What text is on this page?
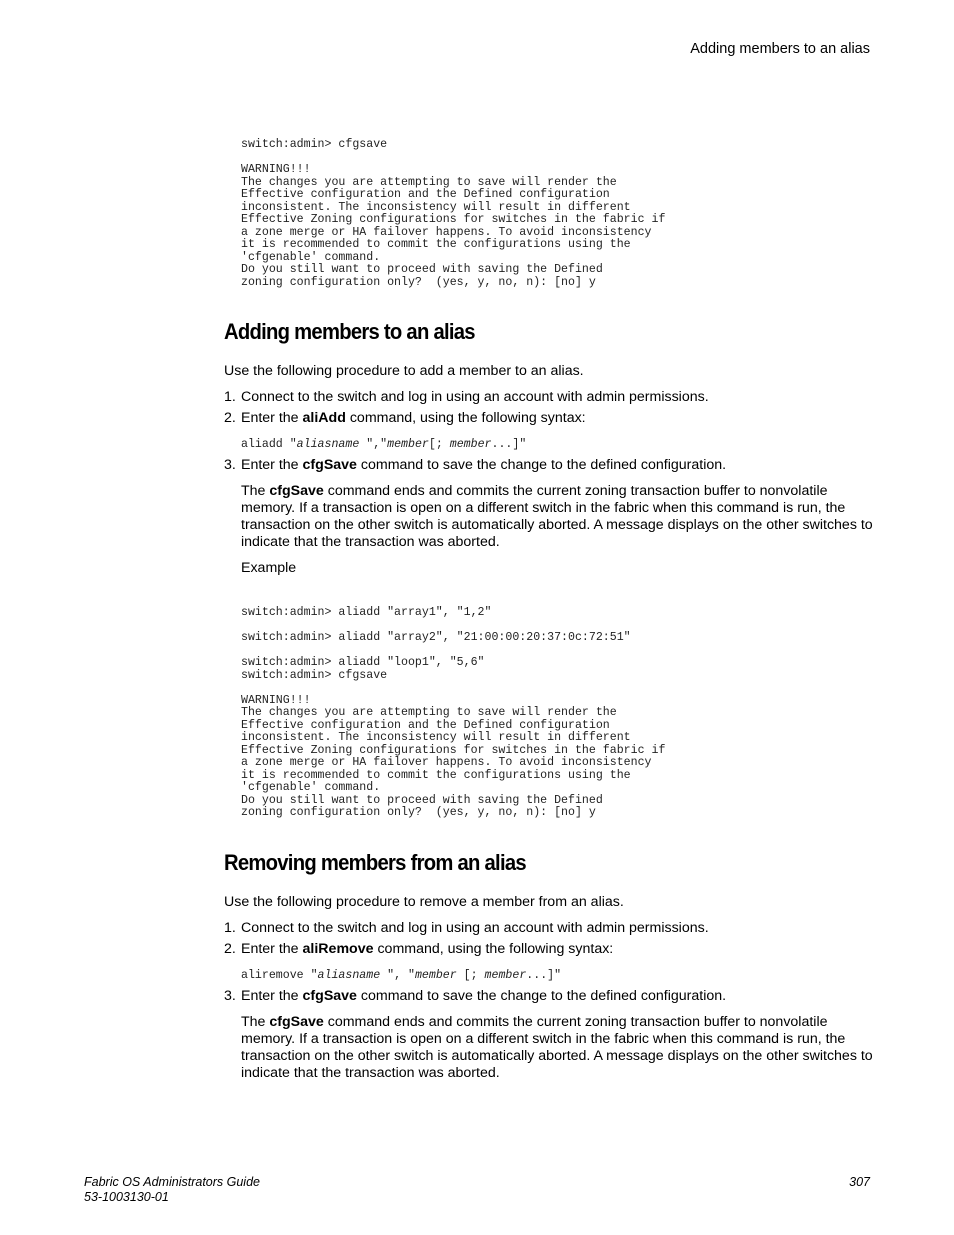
Adding members to an alias
switch:admin> cfgsave

WARNING!!!
The changes you are attempting to save will render the
Effective configuration and the Defined configuration
inconsistent. The inconsistency will result in different
Effective Zoning configurations for switches in the fabric if
a zone merge or HA failover happens. To avoid inconsistency
it is recommended to commit the configurations using the
'cfgenable' command.
Do you still want to proceed with saving the Defined
zoning configuration only?  (yes, y, no, n): [no] y
Adding members to an alias

Use the following procedure to add a member to an alias.

1. Connect to the switch and log in using an account with admin permissions.

2. Enter the aliAdd command, using the following syntax:

aliadd "aliasname ","member[; member...]"

3. Enter the cfgSave command to save the change to the defined configuration.

The cfgSave command ends and commits the current zoning transaction buffer to nonvolatile memory. If a transaction is open on a different switch in the fabric when this command is run, the transaction on the other switch is automatically aborted. A message displays on the other switches to indicate that the transaction was aborted.

Example

switch:admin> aliadd "array1", "1,2"

switch:admin> aliadd "array2", "21:00:00:20:37:0c:72:51"

switch:admin> aliadd "loop1", "5,6"
switch:admin> cfgsave

WARNING!!!
The changes you are attempting to save will render the
Effective configuration and the Defined configuration
inconsistent. The inconsistency will result in different
Effective Zoning configurations for switches in the fabric if
a zone merge or HA failover happens. To avoid inconsistency
it is recommended to commit the configurations using the
'cfgenable' command.
Do you still want to proceed with saving the Defined
zoning configuration only?  (yes, y, no, n): [no] y
Removing members from an alias

Use the following procedure to remove a member from an alias.

1. Connect to the switch and log in using an account with admin permissions.

2. Enter the aliRemove command, using the following syntax:

aliremove "aliasname ", "member [; member...]"

3. Enter the cfgSave command to save the change to the defined configuration.

The cfgSave command ends and commits the current zoning transaction buffer to nonvolatile memory. If a transaction is open on a different switch in the fabric when this command is run, the transaction on the other switch is automatically aborted. A message displays on the other switches to indicate that the transaction was aborted.

Fabric OS Administrators Guide
53-1003130-01
307
